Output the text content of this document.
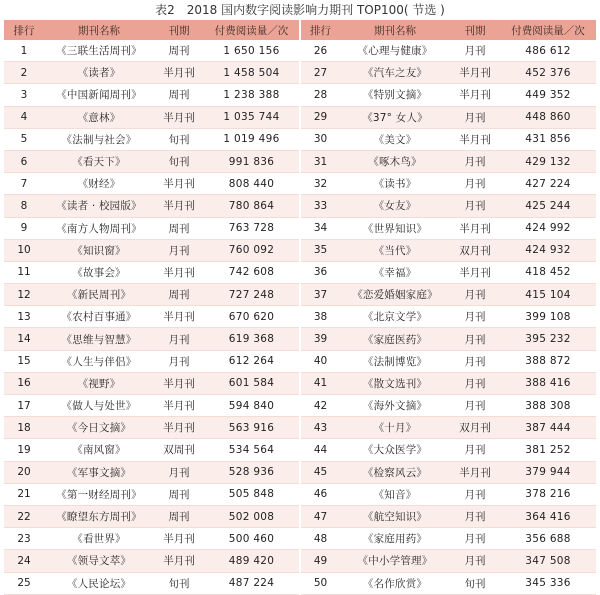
表2　2018 国内数字阅读影响力期刊 TOP100( 节选 )
排行	期刊名称	刊期	付费阅读量／次	排行	期刊名称	刊期	付费阅读量／次
1	《三联生活周刊》	周刊	1 650 156	26	《心理与健康》	月刊	486 612
2	《读者》	半月刊	1 458 504	27	《汽车之友》	半月刊	452 376
3	《中国新闻周刊》	周刊	1 238 388	28	《特别文摘》	半月刊	449 352
4	《意林》	半月刊	1 035 744	29	《37° 女人》	月刊	448 860
5	《法制与社会》	旬刊	1 019 496	30	《美文》	半月刊	431 856
6	《看天下》	旬刊	991 836	31	《啄木鸟》	月刊	429 132
7	《财经》	半月刊	808 440	32	《读书》	月刊	427 224
8	《读者 · 校园版》	半月刊	780 864	33	《女友》	月刊	425 244
9	《南方人物周刊》	周刊	763 728	34	《世界知识》	半月刊	424 992
10	《知识窗》	月刊	760 092	35	《当代》	双月刊	424 932
11	《故事会》	半月刊	742 608	36	《幸福》	半月刊	418 452
12	《新民周刊》	周刊	727 248	37	《恋爱婚姻家庭》	月刊	415 104
13	《农村百事通》	半月刊	670 620	38	《北京文学》	月刊	399 108
14	《思维与智慧》	月刊	619 368	39	《家庭医药》	月刊	395 232
15	《人生与伴侣》	月刊	612 264	40	《法制博览》	月刊	388 872
16	《视野》	半月刊	601 584	41	《散文选刊》	月刊	388 416
17	《做人与处世》	半月刊	594 840	42	《海外文摘》	月刊	388 308
18	《今日文摘》	半月刊	563 916	43	《十月》	双月刊	387 444
19	《南风窗》	双周刊	534 564	44	《大众医学》	月刊	381 252
20	《军事文摘》	月刊	528 936	45	《检察风云》	半月刊	379 944
21	《第一财经周刊》	周刊	505 848	46	《知音》	月刊	378 216
22	《瞭望东方周刊》	周刊	502 008	47	《航空知识》	月刊	364 416
23	《看世界》	半月刊	500 460	48	《家庭用药》	月刊	356 688
24	《领导文萃》	半月刊	489 420	49	《中小学管理》	月刊	347 508
25	《人民论坛》	旬刊	487 224	50	《名作欣赏》	旬刊	345 336
